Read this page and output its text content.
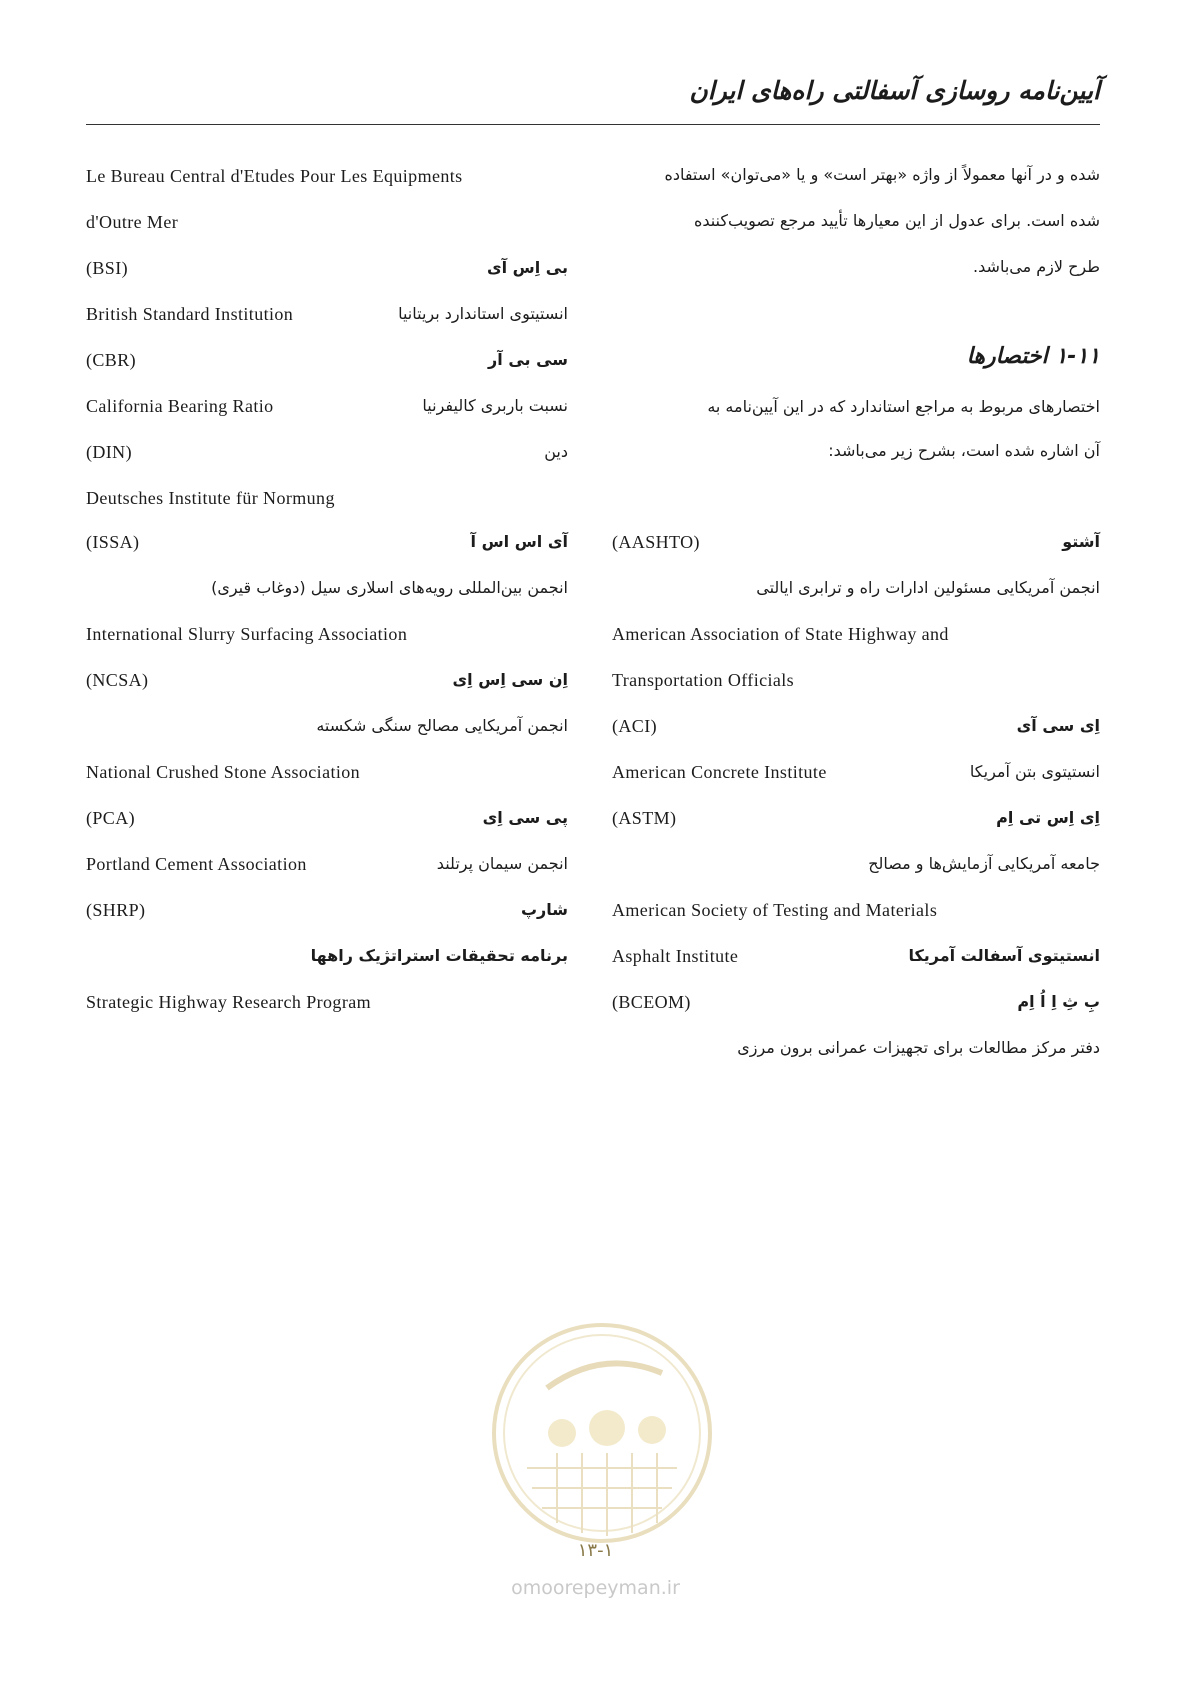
آیین‌نامه روسازی آسفالتی راه‌های ایران
شده و در آنها معمولاً از واژه «بهتر است» و یا «می‌توان» استفاده
شده است. برای عدول از این معیارها تأیید مرجع تصویب‌کننده
طرح لازم می‌باشد.
۱-۱۱ اختصارها
اختصارهای مربوط به مراجع استاندارد که در این آیین‌نامه به
آن اشاره شده است، بشرح زیر می‌باشد:
(AASHTO)	آشتو
انجمن آمریکایی مسئولین ادارات راه و ترابری ایالتی
American Association of State Highway and
Transportation Officials
(ACI)	اِی سی آی
American Concrete Institute	انستیتوی بتن آمریکا
(ASTM)	اِی اِس تی اِم
جامعه آمریکایی آزمایش‌ها و مصالح
American Society of Testing and Materials
Asphalt Institute	انستیتوی آسفالت آمریکا
(BCEOM)	بِ ثِ اِ اُ اِم
دفتر مرکز مطالعات برای تجهیزات عمرانی برون مرزی
Le Bureau Central d'Etudes Pour Les Equipments
d'Outre Mer
(BSI)	بی اِس آی
British Standard Institution	انستیتوی استاندارد بریتانیا
(CBR)	سی بی آر
California Bearing Ratio	نسبت باربری کالیفرنیا
(DIN)	دین
Deutsches Institute für Normung
(ISSA)	آی اس اس آ
انجمن بین‌المللی رویه‌های اسلاری سیل (دوغاب قیری)
International Slurry Surfacing Association
(NCSA)	اِن سی اِس اِی
انجمن آمریکایی مصالح سنگی شکسته
National Crushed Stone Association
(PCA)	پی سی اِی
Portland Cement Association	انجمن سیمان پرتلند
(SHRP)	شارپ
برنامه تحقیقات استراتژیک راهها
Strategic Highway Research Program
۱۳-۱
omoorepeyman.ir
